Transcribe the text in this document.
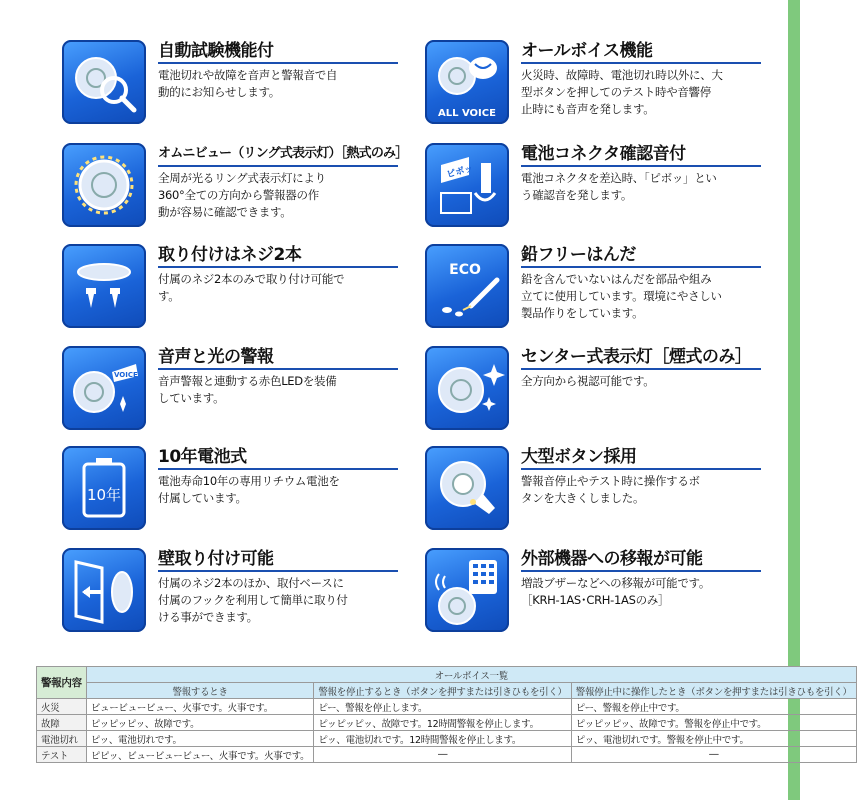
自動試験機能付
電池切れや故障を音声と警報音で自
動的にお知らせします。
オムニビュー（リング式表示灯）［熱式のみ］
全周が光るリング式表示灯により
360°全ての方向から警報器の作
動が容易に確認できます。
取り付けはネジ2本
付属のネジ2本のみで取り付け可能で
す。
VOICE
音声と光の警報
音声警報と連動する赤色LEDを装備
しています。
10年
10年電池式
電池寿命10年の専用リチウム電池を
付属しています。
壁取り付け可能
付属のネジ2本のほか、取付ベースに
付属のフックを利用して簡単に取り付
ける事ができます。
ALL VOICE
オールボイス機能
火災時、故障時、電池切れ時以外に、大
型ボタンを押してのテスト時や音響停
止時にも音声を発します。
ピボッ
電池コネクタ確認音付
電池コネクタを差込時、「ピボッ」とい
う確認音を発します。
ECO
鉛フリーはんだ
鉛を含んでいないはんだを部品や組み
立てに使用しています。環境にやさしい
製品作りをしています。
センター式表示灯［煙式のみ］
全方向から視認可能です。
大型ボタン採用
警報音停止やテスト時に操作するボ
タンを大きくしました。
外部機器への移報が可能
増設ブザーなどへの移報が可能です。
［KRH-1AS･CRH-1ASのみ］
警報内容	オールボイス一覧		
	警報するとき	警報を停止するとき（ボタンを押すまたは引きひもを引く）	警報停止中に操作したとき（ボタンを押すまたは引きひもを引く）
火災	ビュービュービュー、火事です。火事です。	ピー、警報を停止します。	ピー、警報を停止中です。
故障	ピッピッピッ、故障です。	ピッピッピッ、故障です。12時間警報を停止します。	ピッピッピッ、故障です。警報を停止中です。
電池切れ	ピッ、電池切れです。	ピッ、電池切れです。12時間警報を停止します。	ピッ、電池切れです。警報を停止中です。
テスト	ピピッ、ビュービュービュー、火事です。火事です。	―	―
